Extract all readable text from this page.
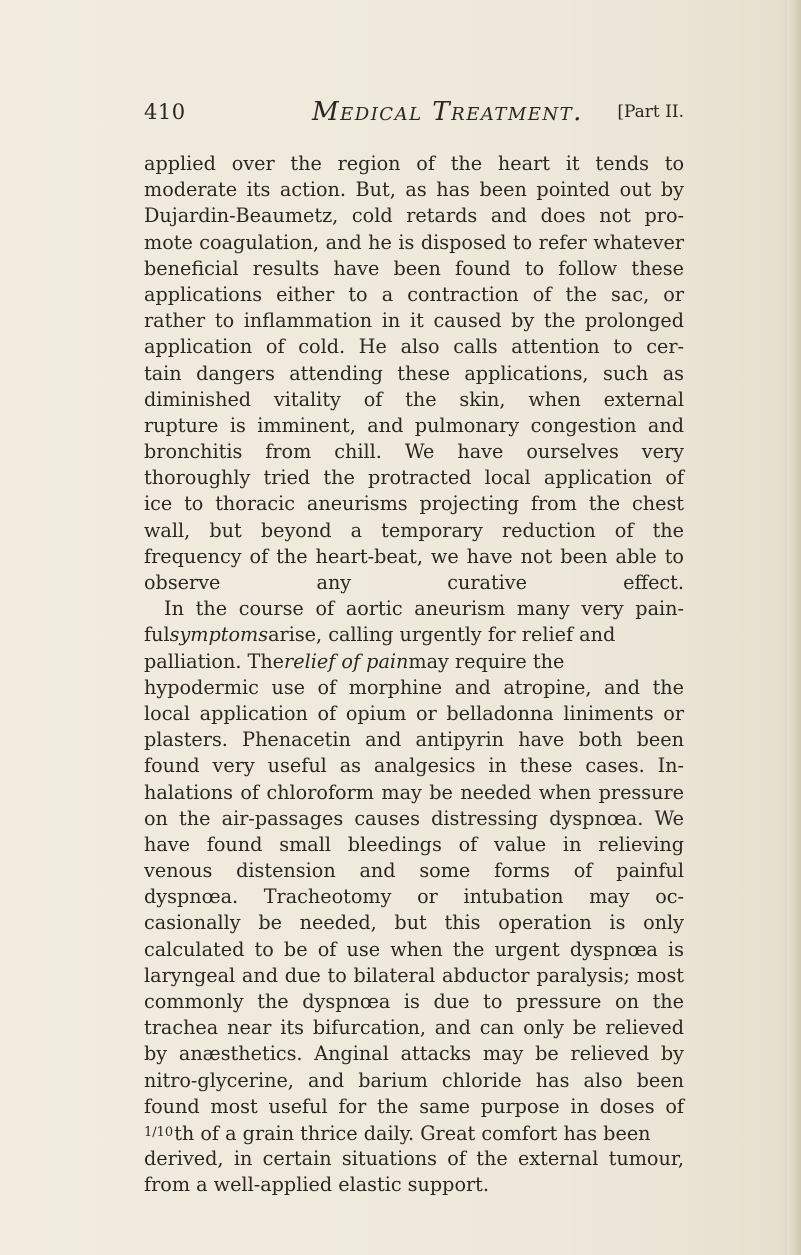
410	Medical Treatment. [Part II.
applied over the region of the heart it tends to
moderate its action. But, as has been pointed out by
Dujardin-Beaumetz, cold retards and does not pro-
mote coagulation, and he is disposed to refer whatever
beneficial results have been found to follow these
applications either to a contraction of the sac, or
rather to inflammation in it caused by the prolonged
application of cold. He also calls attention to cer-
tain dangers attending these applications, such as
diminished vitality of the skin, when external
rupture is imminent, and pulmonary congestion and
bronchitis from chill. We have ourselves very
thoroughly tried the protracted local application of
ice to thoracic aneurisms projecting from the chest
wall, but beyond a temporary reduction of the
frequency of the heart-beat, we have not been able to
observe any curative effect.
In the course of aortic aneurism many very pain-
fulsymptomsarise, calling urgently for relief and
palliation. Therelief of painmay require the
hypodermic use of morphine and atropine, and the
local application of opium or belladonna liniments or
plasters. Phenacetin and antipyrin have both been
found very useful as analgesics in these cases. In-
halations of chloroform may be needed when pressure
on the air-passages causes distressing dyspnœa. We
have found small bleedings of value in relieving
venous distension and some forms of painful
dyspnœa. Tracheotomy or intubation may oc-
casionally be needed, but this operation is only
calculated to be of use when the urgent dyspnœa is
laryngeal and due to bilateral abductor paralysis; most
commonly the dyspnœa is due to pressure on the
trachea near its bifurcation, and can only be relieved
by anæsthetics. Anginal attacks may be relieved by
nitro-glycerine, and barium chloride has also been
found most useful for the same purpose in doses of
1/10th of a grain thrice daily. Great comfort has been
derived, in certain situations of the external tumour,
from a well-applied elastic support.
